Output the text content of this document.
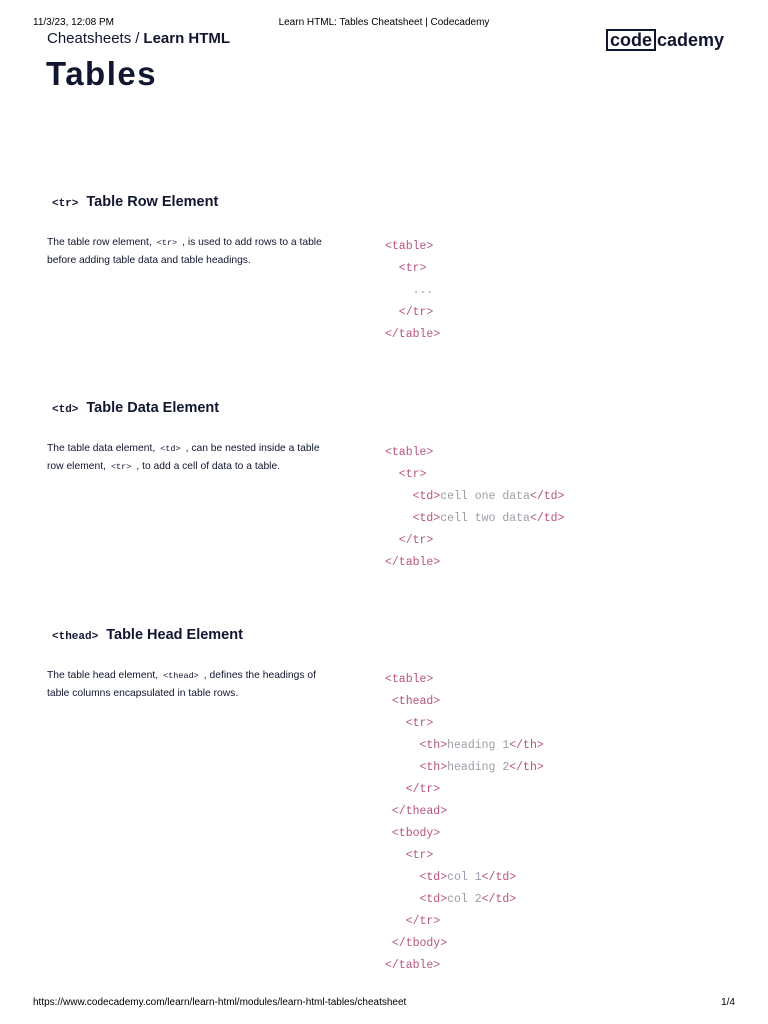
11/3/23, 12:08 PM	Learn HTML: Tables Cheatsheet | Codecademy
Cheatsheets / Learn HTML	code cademy
Tables
<tr> Table Row Element

The table row element, <tr> , is used to add rows to a table before adding table data and table headings.

<table>
<tr>
...
</tr>
</table>
<td> Table Data Element

The table data element, <td> , can be nested inside a table row element, <tr> , to add a cell of data to a table.

<table>
<tr>
<td>cell one data</td>
<td>cell two data</td>
</tr>
</table>
<thead> Table Head Element

The table head element, <thead> , defines the headings of table columns encapsulated in table rows.

<table>
<thead>
<tr>
<th>heading 1</th>
<th>heading 2</th>
</tr>
</thead>
<tbody>
<tr>
<td>col 1</td>
<td>col 2</td>
</tr>
</tbody>
</table>
https://www.codecademy.com/learn/learn-html/modules/learn-html-tables/cheatsheet	1/4
